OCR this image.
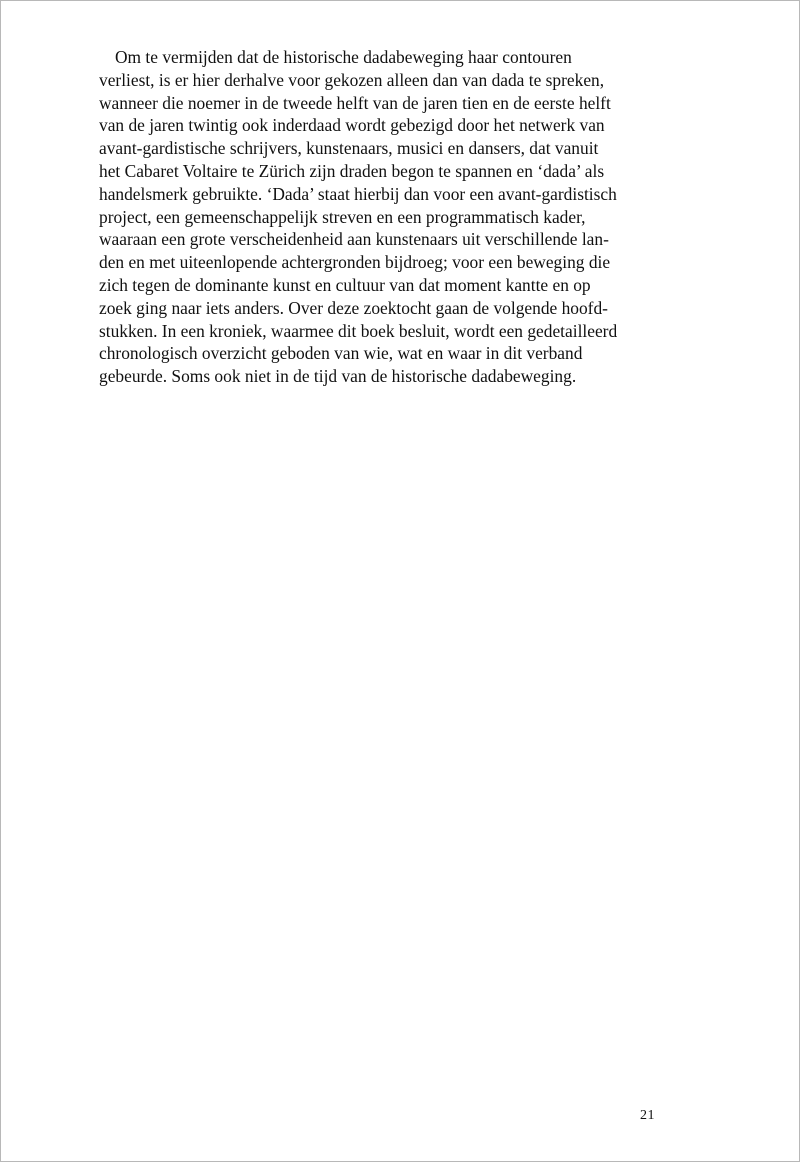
Om te vermijden dat de historische dadabeweging haar contouren
verliest, is er hier derhalve voor gekozen alleen dan van dada te spreken,
wanneer die noemer in de tweede helft van de jaren tien en de eerste helft
van de jaren twintig ook inderdaad wordt gebezigd door het netwerk van
avant-gardistische schrijvers, kunstenaars, musici en dansers, dat vanuit
het Cabaret Voltaire te Zürich zijn draden begon te spannen en ‘dada’ als
handelsmerk gebruikte. ‘Dada’ staat hierbij dan voor een avant-gardistisch
project, een gemeenschappelijk streven en een programmatisch kader,
waaraan een grote verscheidenheid aan kunstenaars uit verschillende lan-
den en met uiteenlopende achtergronden bijdroeg; voor een beweging die
zich tegen de dominante kunst en cultuur van dat moment kantte en op
zoek ging naar iets anders. Over deze zoektocht gaan de volgende hoofd-
stukken. In een kroniek, waarmee dit boek besluit, wordt een gedetailleerd
chronologisch overzicht geboden van wie, wat en waar in dit verband
gebeurde. Soms ook niet in de tijd van de historische dadabeweging.

21
